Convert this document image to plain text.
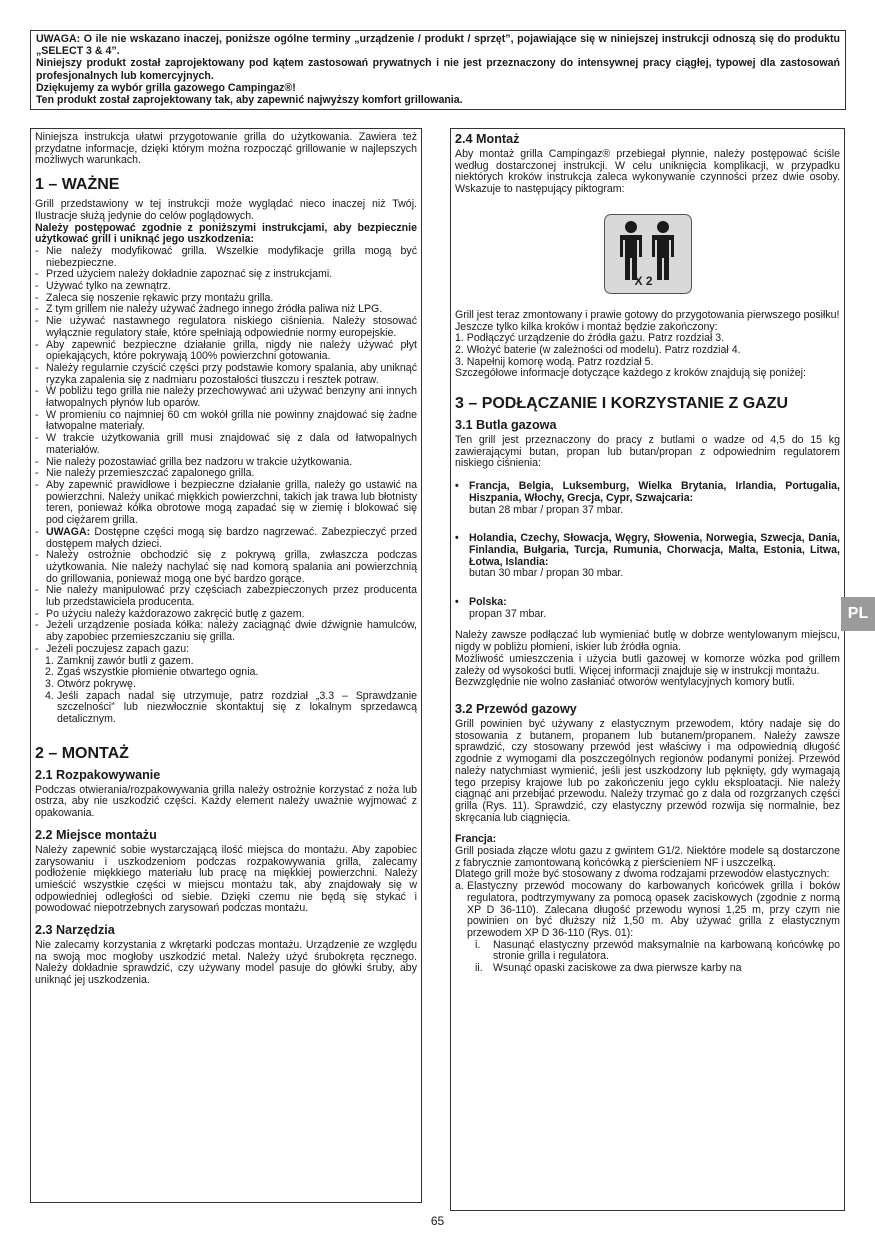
UWAGA: O ile nie wskazano inaczej, poniższe ogólne terminy „urządzenie / produkt / sprzęt”, pojawiające się w niniejszej instrukcji odnoszą się do produktu „SELECT 3 & 4”.

Niniejszy produkt został zaprojektowany pod kątem zastosowań prywatnych i nie jest przeznaczony do intensywnej pracy ciągłej, typowej dla zastosowań profesjonalnych lub komercyjnych.

Dziękujemy za wybór grilla gazowego Campingaz®!

Ten produkt został zaprojektowany tak, aby zapewnić najwyższy komfort grillowania.

Niniejsza instrukcja ułatwi przygotowanie grilla do użytkowania. Zawiera też przydatne informacje, dzięki którym można rozpocząć grillowanie w najlepszych możliwych warunkach.

1 – WAŻNE

Grill przedstawiony w tej instrukcji może wyglądać nieco inaczej niż Twój. Ilustracje służą jedynie do celów poglądowych.

Należy postępować zgodnie z poniższymi instrukcjami, aby bezpiecznie użytkować grill i uniknąć jego uszkodzenia:

- Nie należy modyfikować grilla. Wszelkie modyfikacje grilla mogą być niebezpieczne.
- Przed użyciem należy dokładnie zapoznać się z instrukcjami.
- Używać tylko na zewnątrz.
- Zaleca się noszenie rękawic przy montażu grilla.
- Z tym grillem nie należy używać żadnego innego źródła paliwa niż LPG.
- Nie używać nastawnego regulatora niskiego ciśnienia. Należy stosować wyłącznie regulatory stałe, które spełniają odpowiednie normy europejskie.
- Aby zapewnić bezpieczne działanie grilla, nigdy nie należy używać płyt opiekających, które pokrywają 100% powierzchni gotowania.
- Należy regularnie czyścić części przy podstawie komory spalania, aby uniknąć ryzyka zapalenia się z nadmiaru pozostałości tłuszczu i resztek potraw.
- W pobliżu tego grilla nie należy przechowywać ani używać benzyny ani innych łatwopalnych płynów lub oparów.
- W promieniu co najmniej 60 cm wokół grilla nie powinny znajdować się żadne łatwopalne materiały.
- W trakcie użytkowania grill musi znajdować się z dala od łatwopalnych materiałów.
- Nie należy pozostawiać grilla bez nadzoru w trakcie użytkowania.
- Nie należy przemieszczać zapalonego grilla.
- Aby zapewnić prawidłowe i bezpieczne działanie grilla, należy go ustawić na powierzchni. Należy unikać miękkich powierzchni, takich jak trawa lub błotnisty teren, ponieważ kółka obrotowe mogą zapadać się w ziemię i blokować się pod ciężarem grilla.
- UWAGA: Dostępne części mogą się bardzo nagrzewać. Zabezpieczyć przed dostępem małych dzieci.
- Należy ostrożnie obchodzić się z pokrywą grilla, zwłaszcza podczas użytkowania. Nie należy nachylać się nad komorą spalania ani powierzchnią do grillowania, ponieważ mogą one być bardzo gorące.
- Nie należy manipulować przy częściach zabezpieczonych przez producenta lub przedstawiciela producenta.
- Po użyciu należy każdorazowo zakręcić butlę z gazem.
- Jeżeli urządzenie posiada kółka: należy zaciągnąć dwie dźwignie hamulców, aby zapobiec przemieszczaniu się grilla.
- Jeżeli poczujesz zapach gazu:
1. Zamknij zawór butli z gazem.
2. Zgaś wszystkie płomienie otwartego ognia.
3. Otwórz pokrywę.
4. Jeśli zapach nadal się utrzymuje, patrz rozdział „3.3 – Sprawdzanie szczelności” lub niezwłocznie skontaktuj się z lokalnym sprzedawcą detalicznym.
2 – MONTAŻ
2.1 Rozpakowywanie

Podczas otwierania/rozpakowywania grilla należy ostrożnie korzystać z noża lub ostrza, aby nie uszkodzić części. Każdy element należy uważnie wyjmować z opakowania.

2.2 Miejsce montażu

Należy zapewnić sobie wystarczającą ilość miejsca do montażu. Aby zapobiec zarysowaniu i uszkodzeniom podczas rozpakowywania grilla, zalecamy podłożenie miękkiego materiału lub pracę na miękkiej powierzchni. Należy umieścić wszystkie części w miejscu montażu tak, aby znajdowały się w odpowiedniej odległości od siebie. Dzięki czemu nie będą się stykać i powodować niepotrzebnych zarysowań podczas montażu.

2.3 Narzędzia

Nie zalecamy korzystania z wkrętarki podczas montażu. Urządzenie ze względu na swoją moc mogłoby uszkodzić metal. Należy użyć śrubokręta ręcznego. Należy dokładnie sprawdzić, czy używany model pasuje do główki śruby, aby uniknąć jej uszkodzenia.

2.4 Montaż

Aby montaż grilla Campingaz® przebiegał płynnie, należy postępować ściśle według dostarczonej instrukcji. W celu uniknięcia komplikacji, w przypadku niektórych kroków instrukcja zaleca wykonywanie czynności przez dwie osoby. Wskazuje to następujący piktogram:

X 2

Grill jest teraz zmontowany i prawie gotowy do przygotowania pierwszego posiłku!

Jeszcze tylko kilka kroków i montaż będzie zakończony:

1. Podłączyć urządzenie do źródła gazu. Patrz rozdział 3.

2. Włożyć baterie (w zależności od modelu). Patrz rozdział 4.

3. Napełnij komorę wodą. Patrz rozdział 5.

Szczegółowe informacje dotyczące każdego z kroków znajdują się poniżej:

3 – PODŁĄCZANIE I KORZYSTANIE Z GAZU
3.1 Butla gazowa

Ten grill jest przeznaczony do pracy z butlami o wadze od 4,5 do 15 kg zawierającymi butan, propan lub butan/propan z odpowiednim regulatorem niskiego ciśnienia:

• Francja, Belgia, Luksemburg, Wielka Brytania, Irlandia, Portugalia, Hiszpania, Włochy, Grecja, Cypr, Szwajcaria:
butan 28 mbar / propan 37 mbar.
• Holandia, Czechy, Słowacja, Węgry, Słowenia, Norwegia, Szwecja, Dania, Finlandia, Bułgaria, Turcja, Rumunia, Chorwacja, Malta, Estonia, Litwa, Łotwa, Islandia:
butan 30 mbar / propan 30 mbar.
• Polska:
propan 37 mbar.

Należy zawsze podłączać lub wymieniać butlę w dobrze wentylowanym miejscu, nigdy w pobliżu płomieni, iskier lub źródła ognia.

Możliwość umieszczenia i użycia butli gazowej w komorze wózka pod grillem zależy od wysokości butli. Więcej informacji znajduje się w instrukcji montażu.

Bezwzględnie nie wolno zasłaniać otworów wentylacyjnych komory butli.

3.2 Przewód gazowy

Grill powinien być używany z elastycznym przewodem, który nadaje się do stosowania z butanem, propanem lub butanem/propanem. Należy zawsze sprawdzić, czy stosowany przewód jest właściwy i ma odpowiednią długość zgodnie z wymogami dla poszczególnych regionów podanymi poniżej. Przewód należy natychmiast wymienić, jeśli jest uszkodzony lub pęknięty, gdy wymagają tego przepisy krajowe lub po zakończeniu jego cyklu eksploatacji. Nie należy ciągnąć ani przebijać przewodu. Należy trzymać go z dala od rozgrzanych części grilla (Rys. 11). Sprawdzić, czy elastyczny przewód rozwija się normalnie, bez skręcania lub ciągnięcia.

Francja:

Grill posiada złącze wlotu gazu z gwintem G1/2. Niektóre modele są dostarczone z fabrycznie zamontowaną końcówką z pierścieniem NF i uszczelką.

Dlatego grill może być stosowany z dwoma rodzajami przewodów elastycznych:

a. Elastyczny przewód mocowany do karbowanych końcówek grilla i boków regulatora, podtrzymywany za pomocą opasek zaciskowych (zgodnie z normą XP D 36-110). Zalecana długość przewodu wynosi 1,25 m, przy czym nie powinien on być dłuższy niż 1,50 m. Aby używać grilla z elastycznym przewodem XP D 36-110 (Rys. 01):
i. Nasunąć elastyczny przewód maksymalnie na karbowaną końcówkę po stronie grilla i regulatora.
ii. Wsunąć opaski zaciskowe za dwa pierwsze karby na
PL
65
